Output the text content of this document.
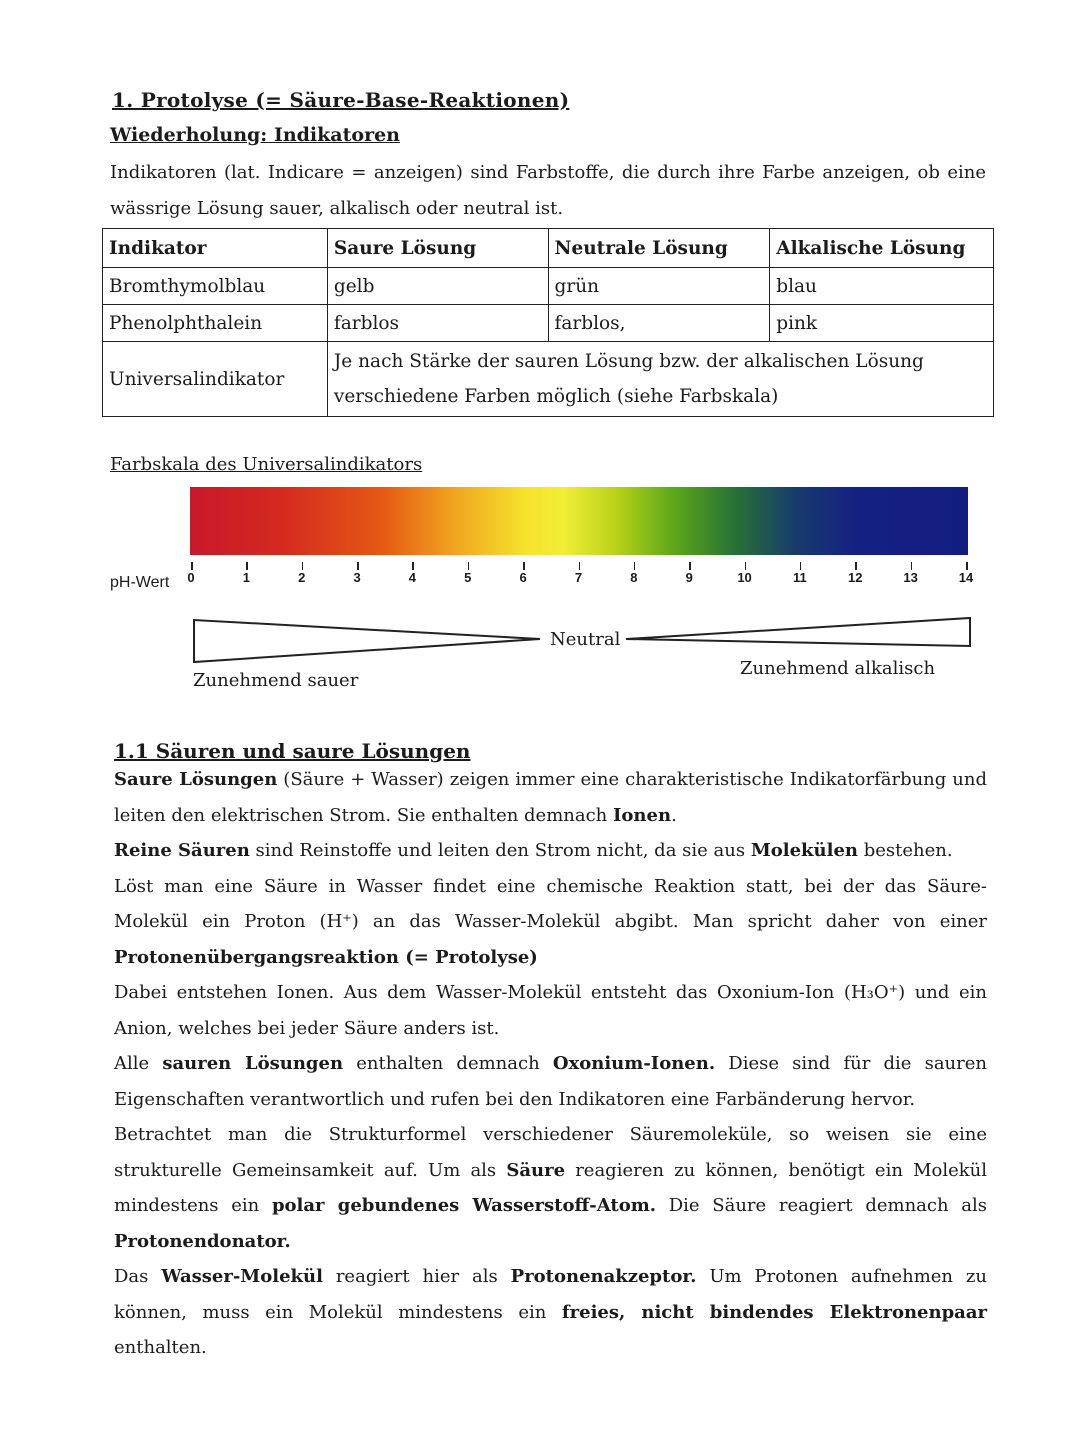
1. Protolyse (= Säure-Base-Reaktionen)
Wiederholung: Indikatoren

Indikatoren (lat. Indicare = anzeigen) sind Farbstoffe, die durch ihre Farbe anzeigen, ob eine wässrige Lösung sauer, alkalisch oder neutral ist.

Indikator	Saure Lösung	Neutrale Lösung	Alkalische Lösung
Bromthymolblau	gelb	grün	blau
Phenolphthalein	farblos	farblos,	pink
Universalindikator	Je nach Stärke der sauren Lösung bzw. der alkalischen Lösung verschiedene Farben möglich (siehe Farbskala)		
Farbskala des Universalindikators
pH-Wert 0	1	2	3	4	5	6	7	8	9	10	11	12	13	14
Neutral
Zunehmend sauer
Zunehmend alkalisch
1.1 Säuren und saure Lösungen

Saure Lösungen (Säure + Wasser) zeigen immer eine charakteristische Indikatorfärbung und leiten den elektrischen Strom. Sie enthalten demnach Ionen.

Reine Säuren sind Reinstoffe und leiten den Strom nicht, da sie aus Molekülen bestehen.

Löst man eine Säure in Wasser findet eine chemische Reaktion statt, bei der das Säure-Molekül ein Proton (H⁺) an das Wasser-Molekül abgibt. Man spricht daher von einer Protonenübergangsreaktion (= Protolyse)

Dabei entstehen Ionen. Aus dem Wasser-Molekül entsteht das Oxonium-Ion (H₃O⁺) und ein Anion, welches bei jeder Säure anders ist.

Alle sauren Lösungen enthalten demnach Oxonium-Ionen. Diese sind für die sauren Eigenschaften verantwortlich und rufen bei den Indikatoren eine Farbänderung hervor.

Betrachtet man die Strukturformel verschiedener Säuremoleküle, so weisen sie eine strukturelle Gemeinsamkeit auf. Um als Säure reagieren zu können, benötigt ein Molekül mindestens ein polar gebundenes Wasserstoff-Atom. Die Säure reagiert demnach als Protonendonator.

Das Wasser-Molekül reagiert hier als Protonenakzeptor. Um Protonen aufnehmen zu können, muss ein Molekül mindestens ein freies, nicht bindendes Elektronenpaar enthalten.
